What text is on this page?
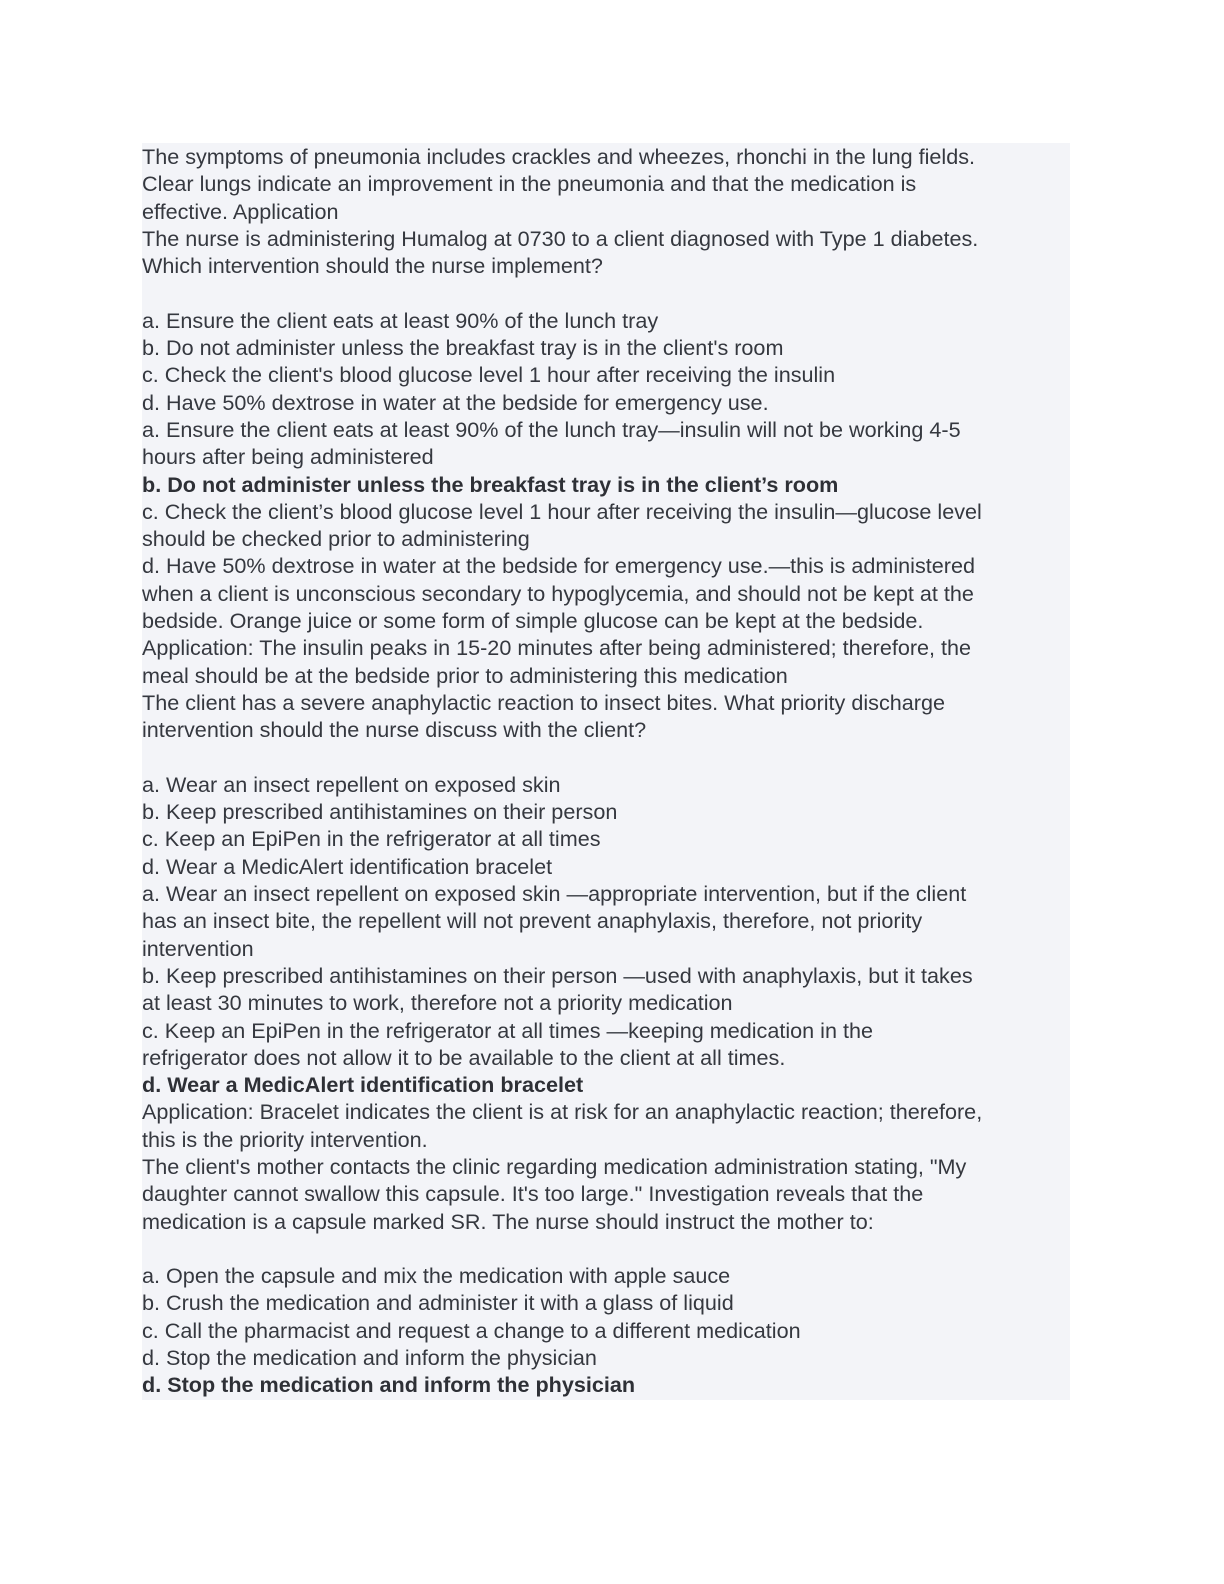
The symptoms of pneumonia includes crackles and wheezes, rhonchi in the lung fields.
Clear lungs indicate an improvement in the pneumonia and that the medication is
effective. Application
The nurse is administering Humalog at 0730 to a client diagnosed with Type 1 diabetes.
Which intervention should the nurse implement?
a. Ensure the client eats at least 90% of the lunch tray
b. Do not administer unless the breakfast tray is in the client's room
c. Check the client's blood glucose level 1 hour after receiving the insulin
d. Have 50% dextrose in water at the bedside for emergency use.
a. Ensure the client eats at least 90% of the lunch tray—insulin will not be working 4-5
hours after being administered
b. Do not administer unless the breakfast tray is in the client’s room
c. Check the client’s blood glucose level 1 hour after receiving the insulin—glucose level
should be checked prior to administering
d. Have 50% dextrose in water at the bedside for emergency use.—this is administered
when a client is unconscious secondary to hypoglycemia, and should not be kept at the
bedside. Orange juice or some form of simple glucose can be kept at the bedside.
Application: The insulin peaks in 15-20 minutes after being administered; therefore, the
meal should be at the bedside prior to administering this medication
The client has a severe anaphylactic reaction to insect bites. What priority discharge
intervention should the nurse discuss with the client?
a. Wear an insect repellent on exposed skin
b. Keep prescribed antihistamines on their person
c. Keep an EpiPen in the refrigerator at all times
d. Wear a MedicAlert identification bracelet
a. Wear an insect repellent on exposed skin —appropriate intervention, but if the client
has an insect bite, the repellent will not prevent anaphylaxis, therefore, not priority
intervention
b. Keep prescribed antihistamines on their person —used with anaphylaxis, but it takes
at least 30 minutes to work, therefore not a priority medication
c. Keep an EpiPen in the refrigerator at all times —keeping medication in the
refrigerator does not allow it to be available to the client at all times.
d. Wear a MedicAlert identification bracelet
Application: Bracelet indicates the client is at risk for an anaphylactic reaction; therefore,
this is the priority intervention.
The client's mother contacts the clinic regarding medication administration stating, "My
daughter cannot swallow this capsule. It's too large." Investigation reveals that the
medication is a capsule marked SR. The nurse should instruct the mother to:
a. Open the capsule and mix the medication with apple sauce
b. Crush the medication and administer it with a glass of liquid
c. Call the pharmacist and request a change to a different medication
d. Stop the medication and inform the physician
d. Stop the medication and inform the physician
